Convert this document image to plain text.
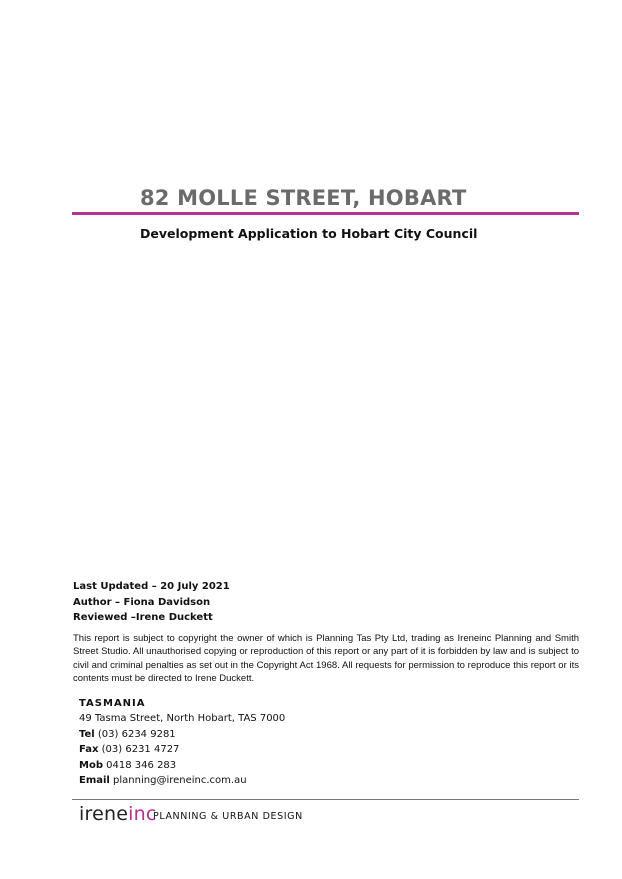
82 MOLLE STREET, HOBART
Development Application to Hobart City Council
Last Updated – 20 July 2021
Author – Fiona Davidson
Reviewed –Irene Duckett

This report is subject to copyright the owner of which is Planning Tas Pty Ltd, trading as Ireneinc Planning and Smith Street Studio. All unauthorised copying or reproduction of this report or any part of it is forbidden by law and is subject to civil and criminal penalties as set out in the Copyright Act 1968. All requests for permission to reproduce this report or its contents must be directed to Irene Duckett.

TASMANIA
49 Tasma Street, North Hobart, TAS 7000
Tel (03) 6234 9281
Fax (03) 6231 4727
Mob 0418 346 283
Email planning@ireneinc.com.au
ireneinc
PLANNING & URBAN DESIGN
